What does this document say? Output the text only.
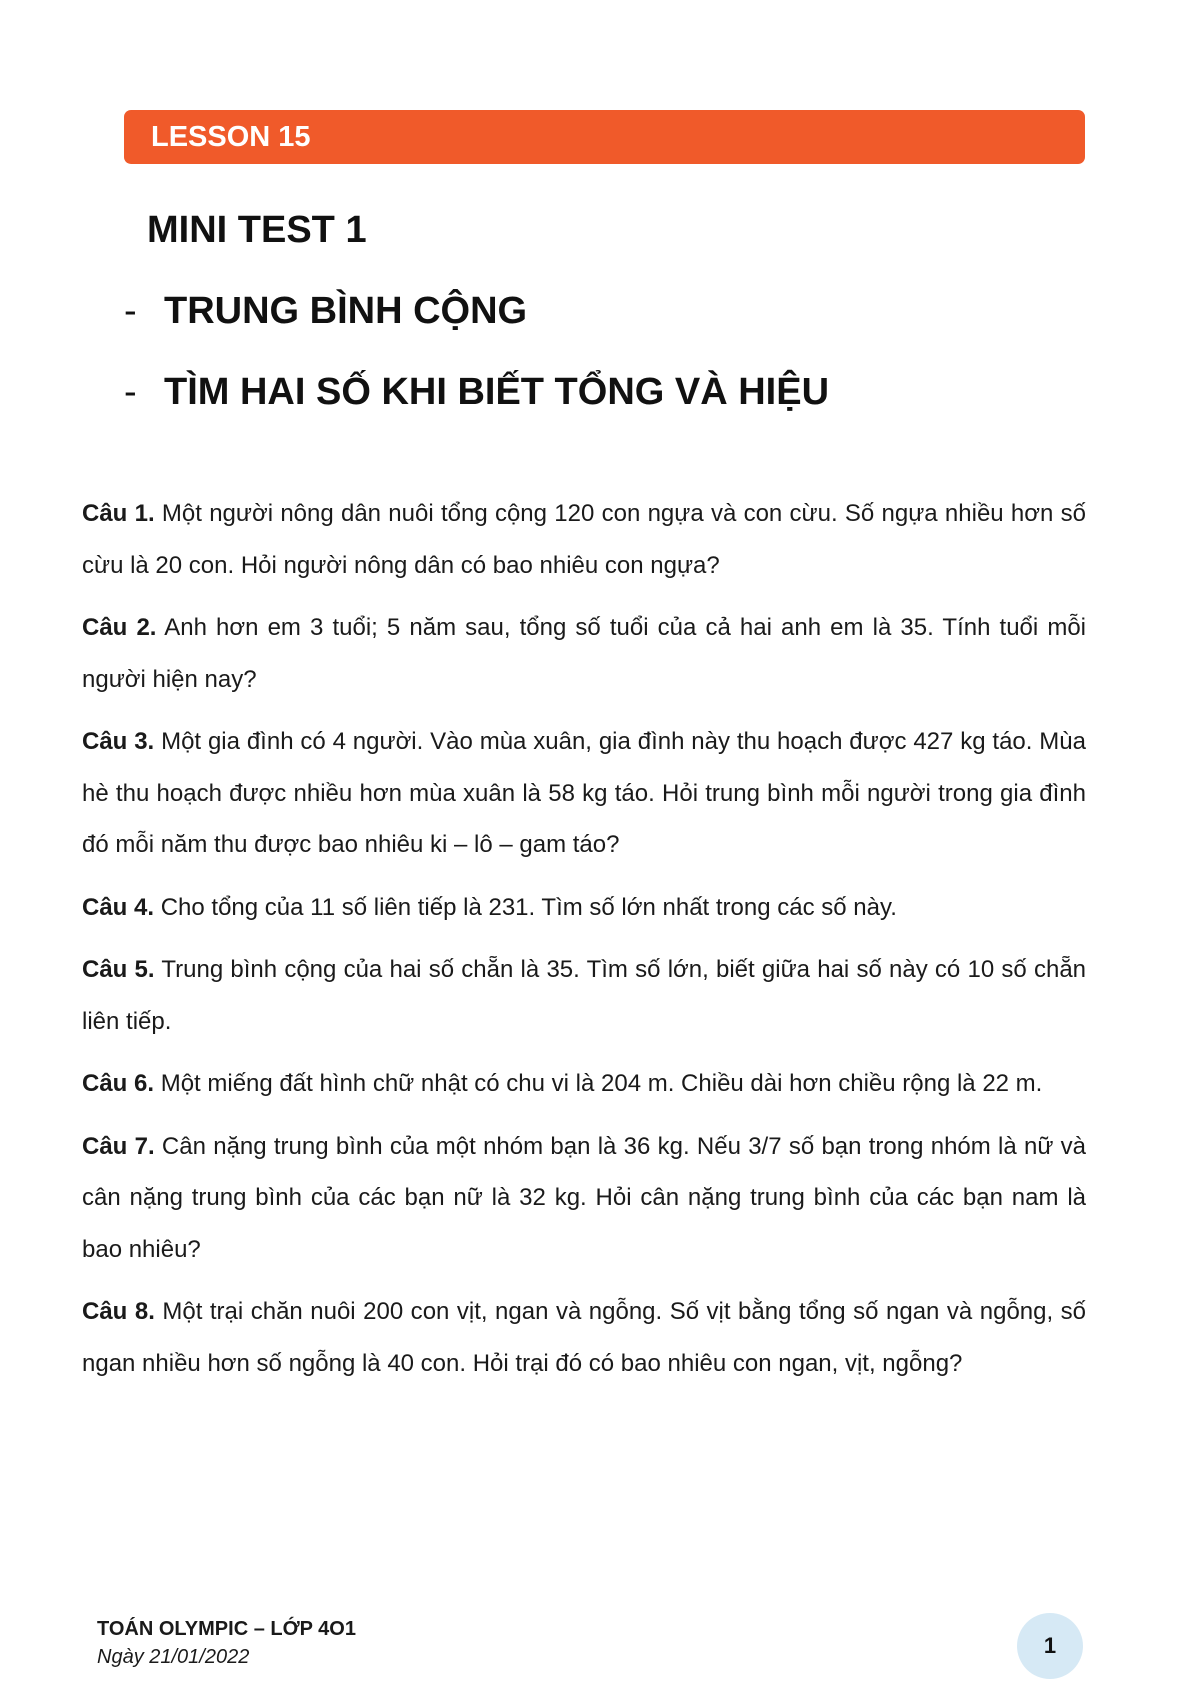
LESSON 15
MINI TEST 1
- TRUNG BÌNH CỘNG
- TÌM HAI SỐ KHI BIẾT TỔNG VÀ HIỆU

Câu 1. Một người nông dân nuôi tổng cộng 120 con ngựa và con cừu. Số ngựa nhiều hơn số cừu là 20 con. Hỏi người nông dân có bao nhiêu con ngựa?

Câu 2. Anh hơn em 3 tuổi; 5 năm sau, tổng số tuổi của cả hai anh em là 35. Tính tuổi mỗi người hiện nay?

Câu 3. Một gia đình có 4 người. Vào mùa xuân, gia đình này thu hoạch được 427 kg táo. Mùa hè thu hoạch được nhiều hơn mùa xuân là 58 kg táo. Hỏi trung bình mỗi người trong gia đình đó mỗi năm thu được bao nhiêu ki – lô – gam táo?

Câu 4. Cho tổng của 11 số liên tiếp là 231. Tìm số lớn nhất trong các số này.

Câu 5. Trung bình cộng của hai số chẵn là 35. Tìm số lớn, biết giữa hai số này có 10 số chẵn liên tiếp.

Câu 6. Một miếng đất hình chữ nhật có chu vi là 204 m. Chiều dài hơn chiều rộng là 22 m.

Câu 7. Cân nặng trung bình của một nhóm bạn là 36 kg. Nếu 3/7 số bạn trong nhóm là nữ và cân nặng trung bình của các bạn nữ là 32 kg. Hỏi cân nặng trung bình của các bạn nam là bao nhiêu?

Câu 8. Một trại chăn nuôi 200 con vịt, ngan và ngỗng. Số vịt bằng tổng số ngan và ngỗng, số ngan nhiều hơn số ngỗng là 40 con. Hỏi trại đó có bao nhiêu con ngan, vịt, ngỗng?

TOÁN OLYMPIC – LỚP 4O1
Ngày 21/01/2022	1
